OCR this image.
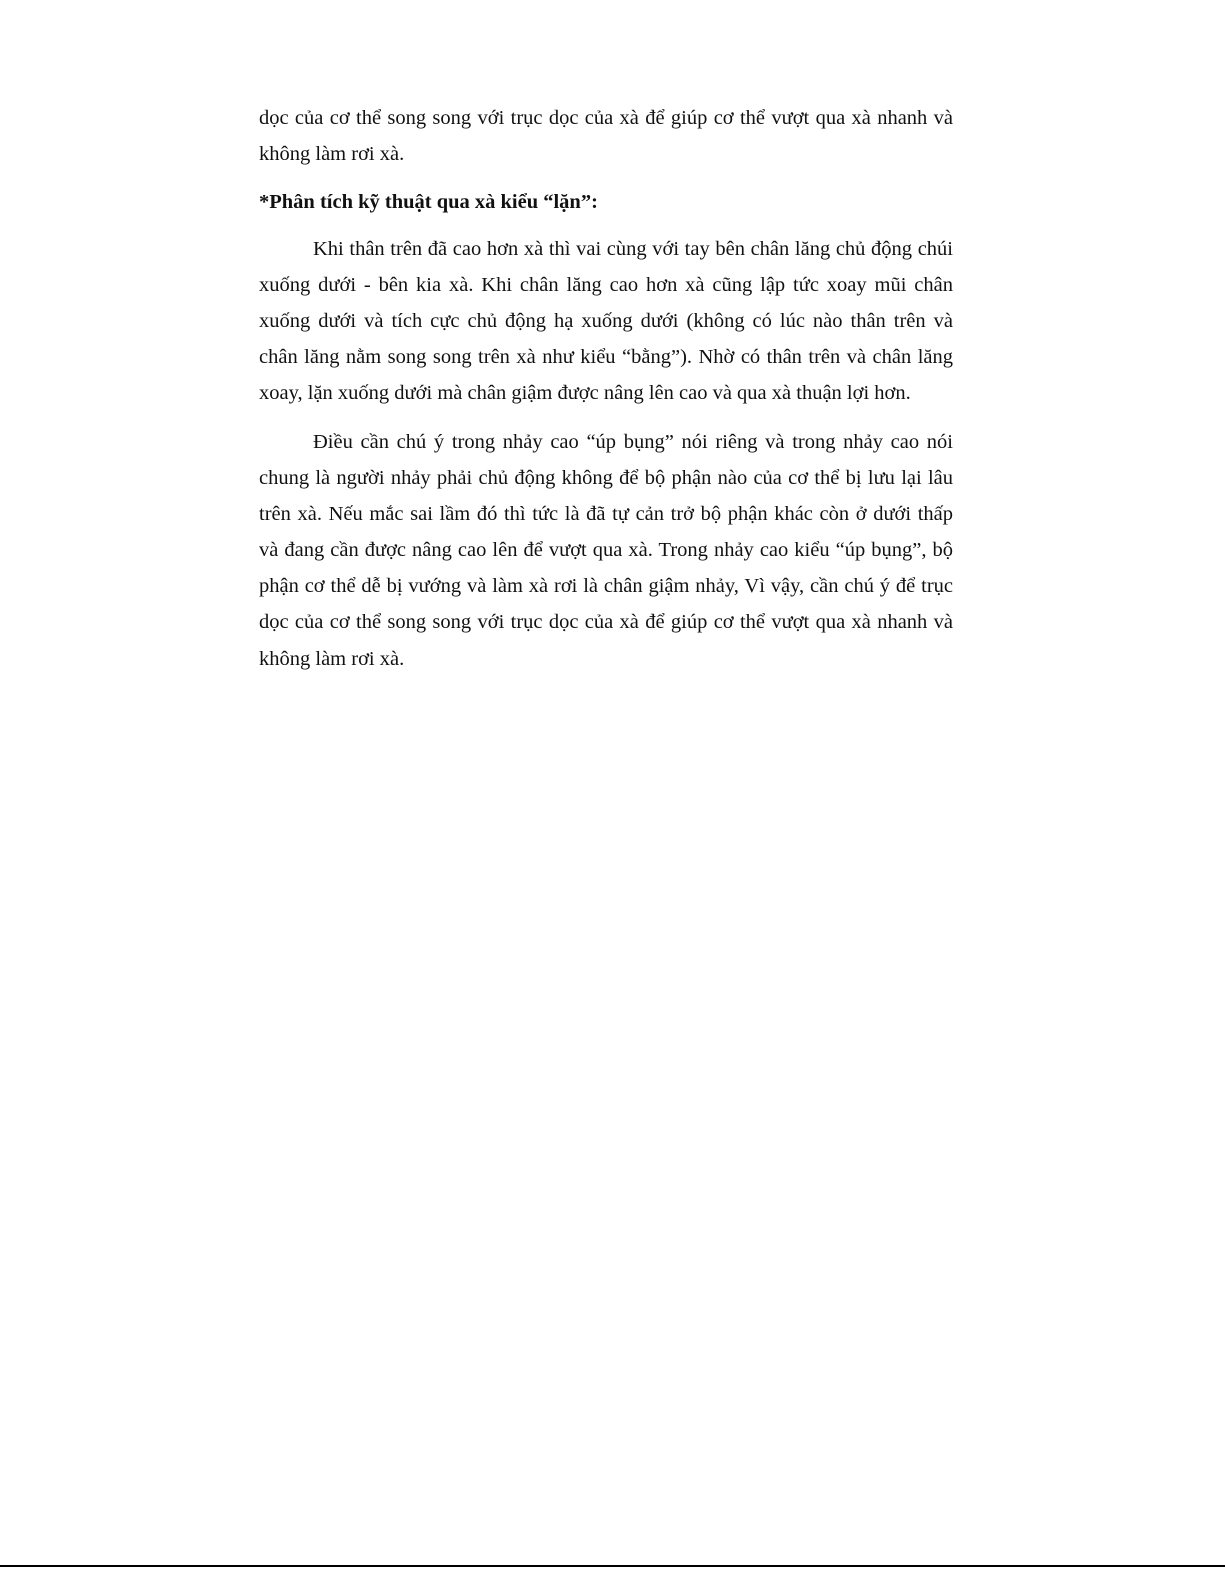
dọc của cơ thể song song với trục dọc của xà để giúp cơ thể vượt qua xà nhanh và
không làm rơi xà.
*Phân tích kỹ thuật qua xà kiểu “lặn”:
Khi thân trên đã cao hơn xà thì vai cùng với tay bên chân lăng chủ động chúi
xuống dưới - bên kia xà. Khi chân lăng cao hơn xà cũng lập tức xoay mũi chân
xuống dưới và tích cực chủ động hạ xuống dưới (không có lúc nào thân trên và
chân lăng nằm song song trên xà như kiểu “bằng”). Nhờ có thân trên và chân lăng
xoay, lặn xuống dưới mà chân giậm được nâng lên cao và qua xà thuận lợi hơn.
Điều cần chú ý trong nhảy cao “úp bụng” nói riêng và trong nhảy cao nói
chung là người nhảy phải chủ động không để bộ phận nào của cơ thể bị lưu lại lâu
trên xà. Nếu mắc sai lầm đó thì tức là đã tự cản trở bộ phận khác còn ở dưới thấp
và đang cần được nâng cao lên để vượt qua xà. Trong nhảy cao kiểu “úp bụng”, bộ
phận cơ thể dễ bị vướng và làm xà rơi là chân giậm nhảy, Vì vậy, cần chú ý để trục
dọc của cơ thể song song với trục dọc của xà để giúp cơ thể vượt qua xà nhanh và
không làm rơi xà.
